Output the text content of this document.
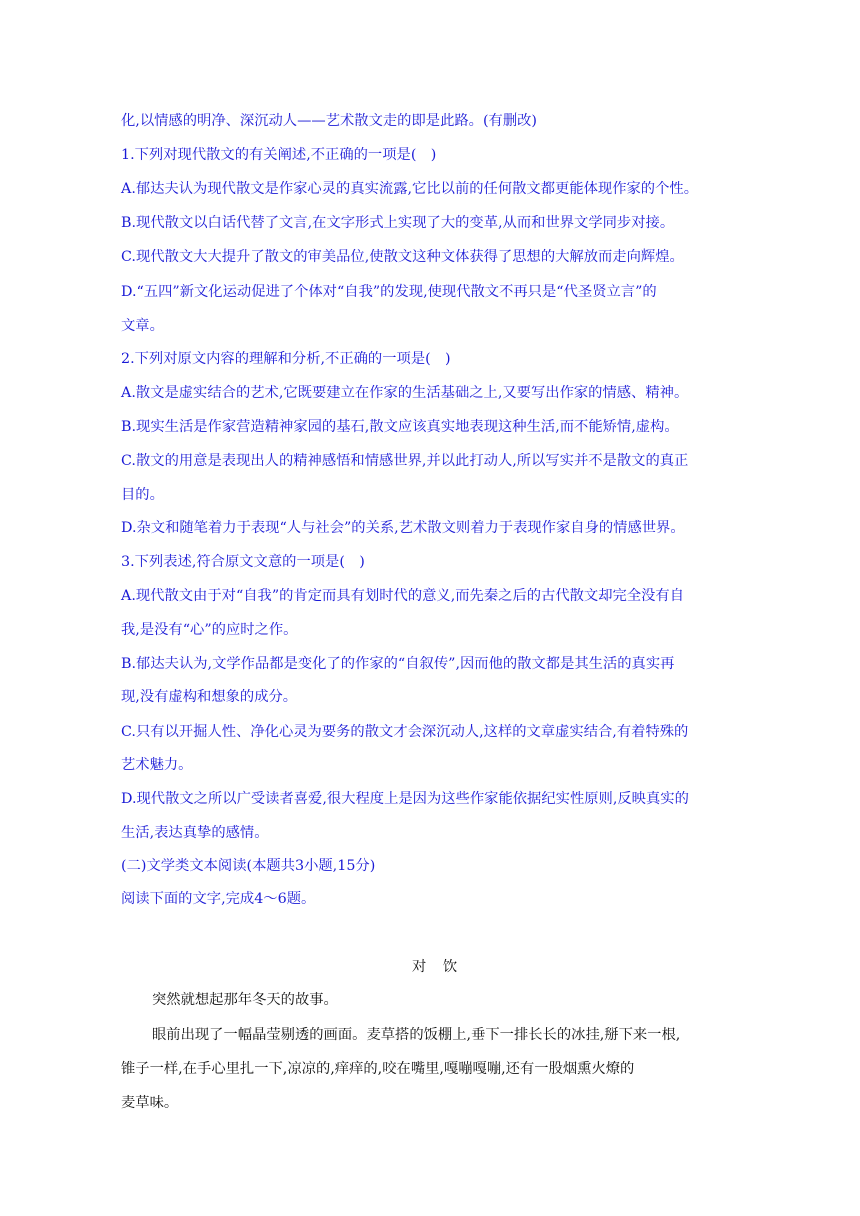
化,以情感的明净、深沉动人——艺术散文走的即是此路。(有删改)
1.下列对现代散文的有关阐述,不正确的一项是(　)
A.郁达夫认为现代散文是作家心灵的真实流露,它比以前的任何散文都更能体现作家的个性。
B.现代散文以白话代替了文言,在文字形式上实现了大的变革,从而和世界文学同步对接。
C.现代散文大大提升了散文的审美品位,使散文这种文体获得了思想的大解放而走向辉煌。
D.“五四”新文化运动促进了个体对“自我”的发现,使现代散文不再只是“代圣贤立言”的
文章。
2.下列对原文内容的理解和分析,不正确的一项是(　)
A.散文是虚实结合的艺术,它既要建立在作家的生活基础之上,又要写出作家的情感、精神。
B.现实生活是作家营造精神家园的基石,散文应该真实地表现这种生活,而不能矫情,虚构。
C.散文的用意是表现出人的精神感悟和情感世界,并以此打动人,所以写实并不是散文的真正
目的。
D.杂文和随笔着力于表现“人与社会”的关系,艺术散文则着力于表现作家自身的情感世界。
3.下列表述,符合原文文意的一项是(　)
A.现代散文由于对“自我”的肯定而具有划时代的意义,而先秦之后的古代散文却完全没有自
我,是没有“心”的应时之作。
B.郁达夫认为,文学作品都是变化了的作家的“自叙传”,因而他的散文都是其生活的真实再
现,没有虚构和想象的成分。
C.只有以开掘人性、净化心灵为要务的散文才会深沉动人,这样的文章虚实结合,有着特殊的
艺术魅力。
D.现代散文之所以广受读者喜爱,很大程度上是因为这些作家能依据纪实性原则,反映真实的
生活,表达真挚的感情。
(二)文学类文本阅读(本题共3小题,15分)
阅读下面的文字,完成4～6题。
对 饮
突然就想起那年冬天的故事。
眼前出现了一幅晶莹剔透的画面。麦草搭的饭棚上,垂下一排长长的冰挂,掰下来一根,
锥子一样,在手心里扎一下,凉凉的,痒痒的,咬在嘴里,嘎嘣嘎嘣,还有一股烟熏火燎的
麦草味。
